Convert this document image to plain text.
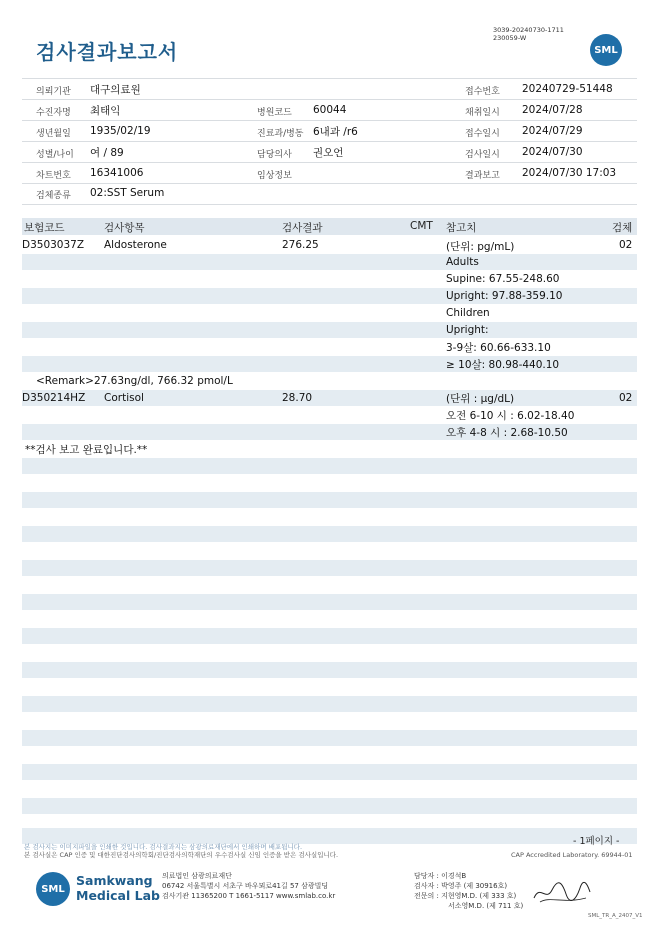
검사결과보고서
3039-20240730-1711
230059-W
SML
의뢰기관 대구의료원	접수번호 20240729-51448
수진자명 최태익	병원코드 60044	채취일시 2024/07/28
생년월일 1935/02/19	진료과/병동 6내과 /r6	접수일시 2024/07/29
성별/나이 여 / 89	담당의사 권오언	검사일시 2024/07/30
차트번호 16341006	임상정보	결과보고 2024/07/30 17:03
검체종류 02:SST Serum
보험코드	검사항목	검사결과	CMT 참고치	검체
D3503037Z Aldosterone	276.25	(단위: pg/mL)	02
Adults
Supine: 67.55-248.60
Upright: 97.88-359.10
Children
Upright:
3-9살: 60.66-633.10
≥ 10살: 80.98-440.10
<Remark>27.63ng/dl, 766.32 pmol/L
D350214HZ Cortisol	28.70	(단위 : μg/dL)	02
오전 6-10 시 : 6.02-18.40
오후 4-8 시 : 2.68-10.50
**검사 보고 완료입니다.**
- 1페이지 -
본 검사지는 이미지파일을 인쇄한 것입니다. 검사결과지는 삼광의료재단에서 인쇄하며 배포됩니다.
본 검사실은 CAP 인증 및 대한진단검사의학회/진단검사의학재단의 우수검사실 신임 인증을 받은 검사실입니다.	CAP Accredited Laboratory. 69944-01
SML
Samkwang
Medical Lab
의료법인 삼광의료재단
06742 서울특별시 서초구 바우뫼로41길 57 삼광빌딩
검사기관 11365200 T 1661-5117 www.smlab.co.kr
담당자 : 이경석B
검사자 : 박영주 (제 30916호)
전문의 : 지현영M.D. (제 333 호)
서소영M.D. (제 711 호)
SML_TR_A_2407_V1
